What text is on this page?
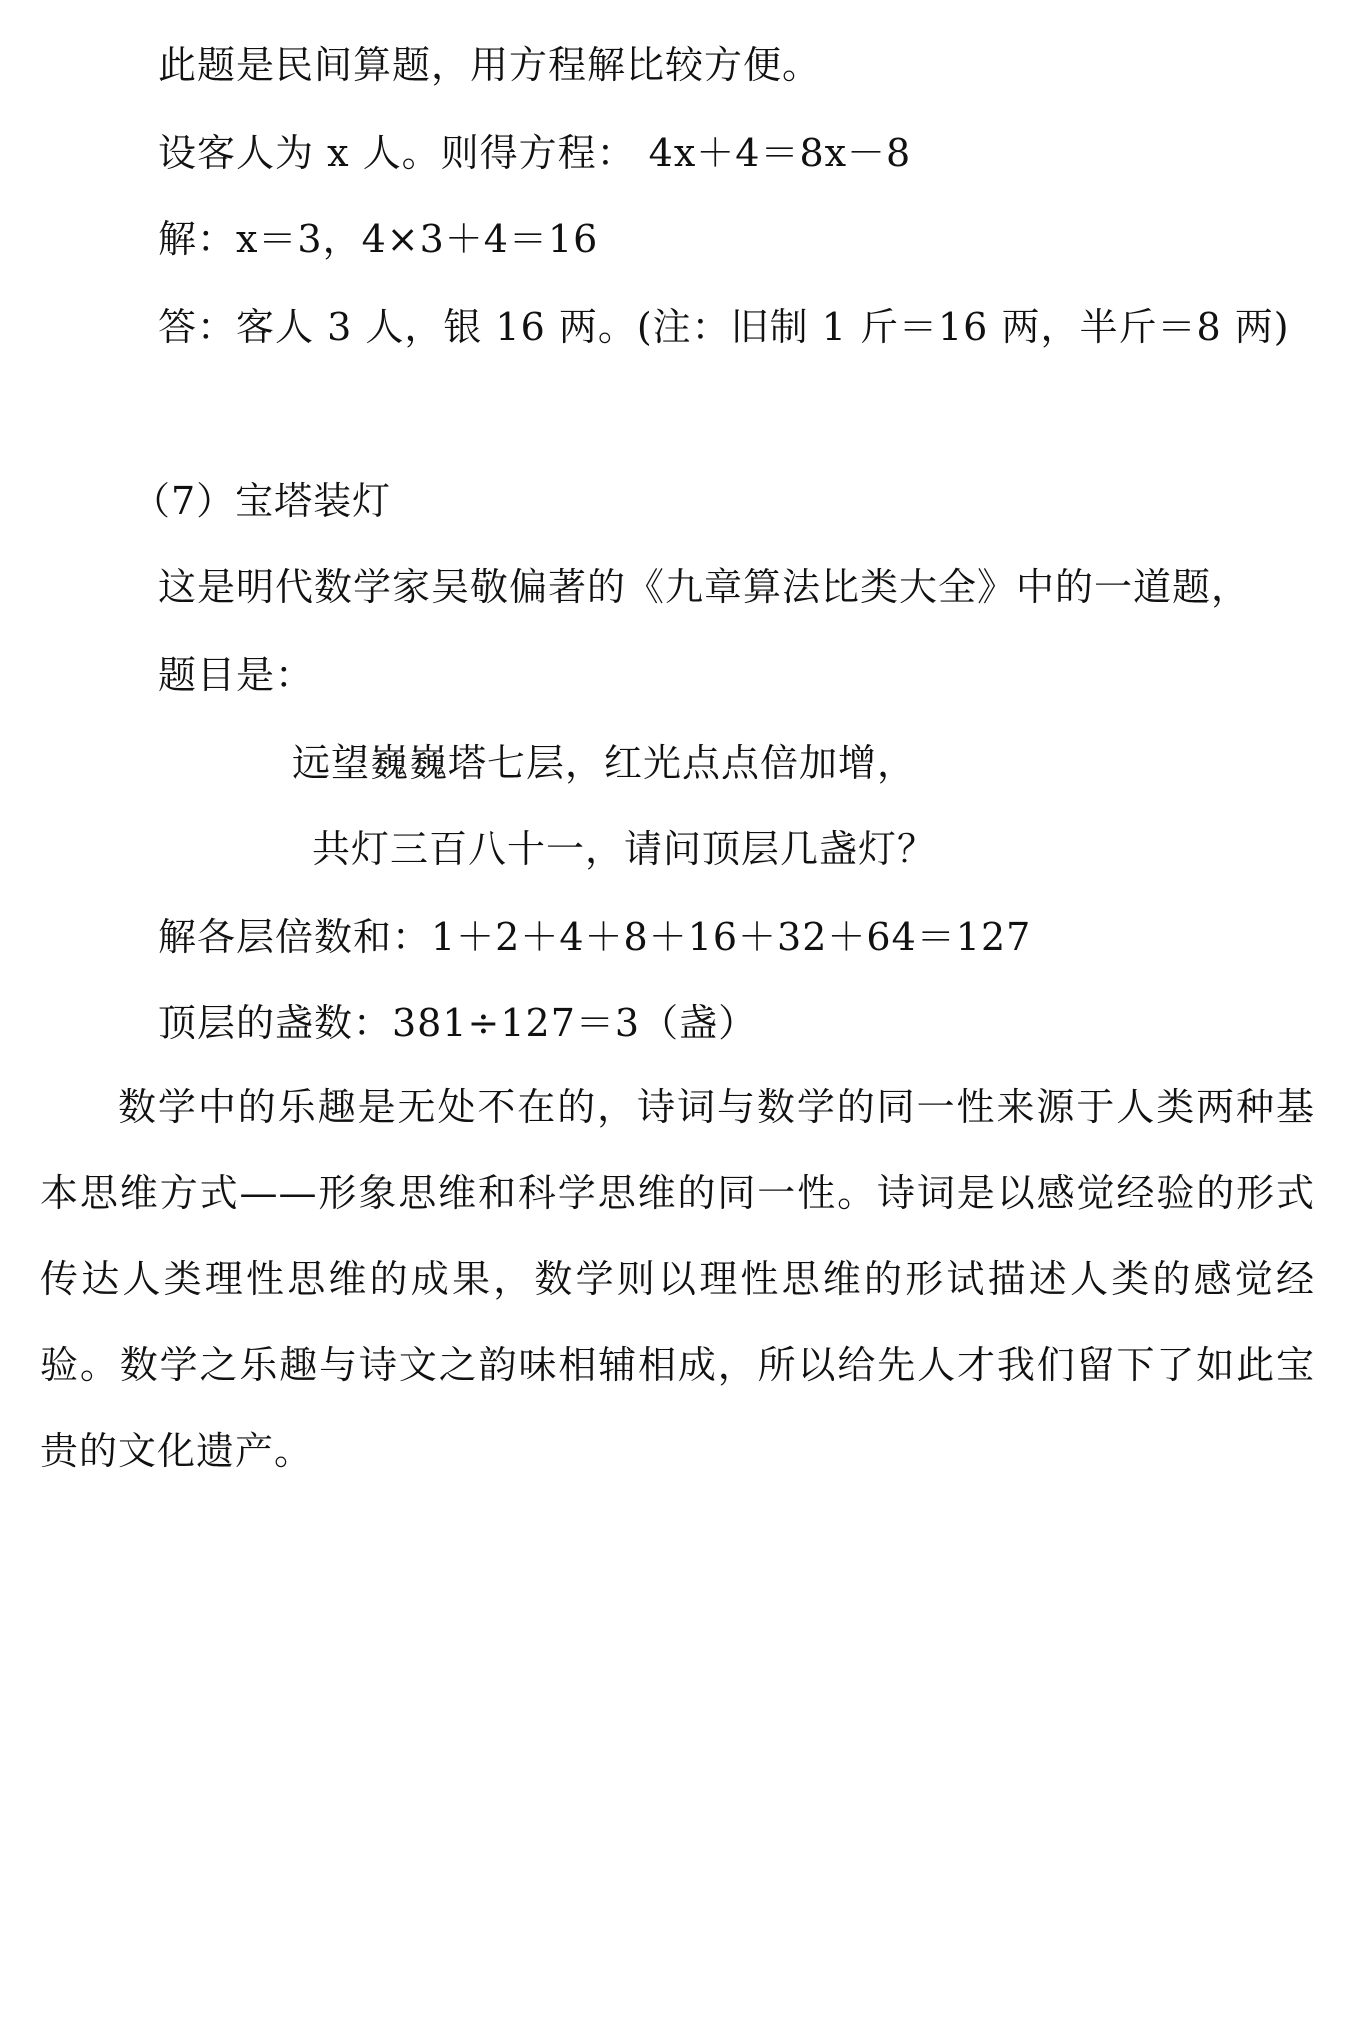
此题是民间算题，用方程解比较方便。
设客人为 x 人。则得方程： 4x＋4＝8x－8
解：x＝3，4×3＋4＝16
答：客人 3 人，银 16 两。(注：旧制 1 斤＝16 两，半斤＝8 两)
（7）宝塔装灯
这是明代数学家吴敬偏著的《九章算法比类大全》中的一道题，
题目是：
远望巍巍塔七层，红光点点倍加增，
共灯三百八十一，请问顶层几盏灯？
解各层倍数和：1＋2＋4＋8＋16＋32＋64＝127
顶层的盏数：381÷127＝3（盏）
数学中的乐趣是无处不在的，诗词与数学的同一性来源于人类两种基本思维方式——形象思维和科学思维的同一性。诗词是以感觉经验的形式传达人类理性思维的成果，数学则以理性思维的形试描述人类的感觉经验。数学之乐趣与诗文之韵味相辅相成，所以给先人才我们留下了如此宝贵的文化遗产。
